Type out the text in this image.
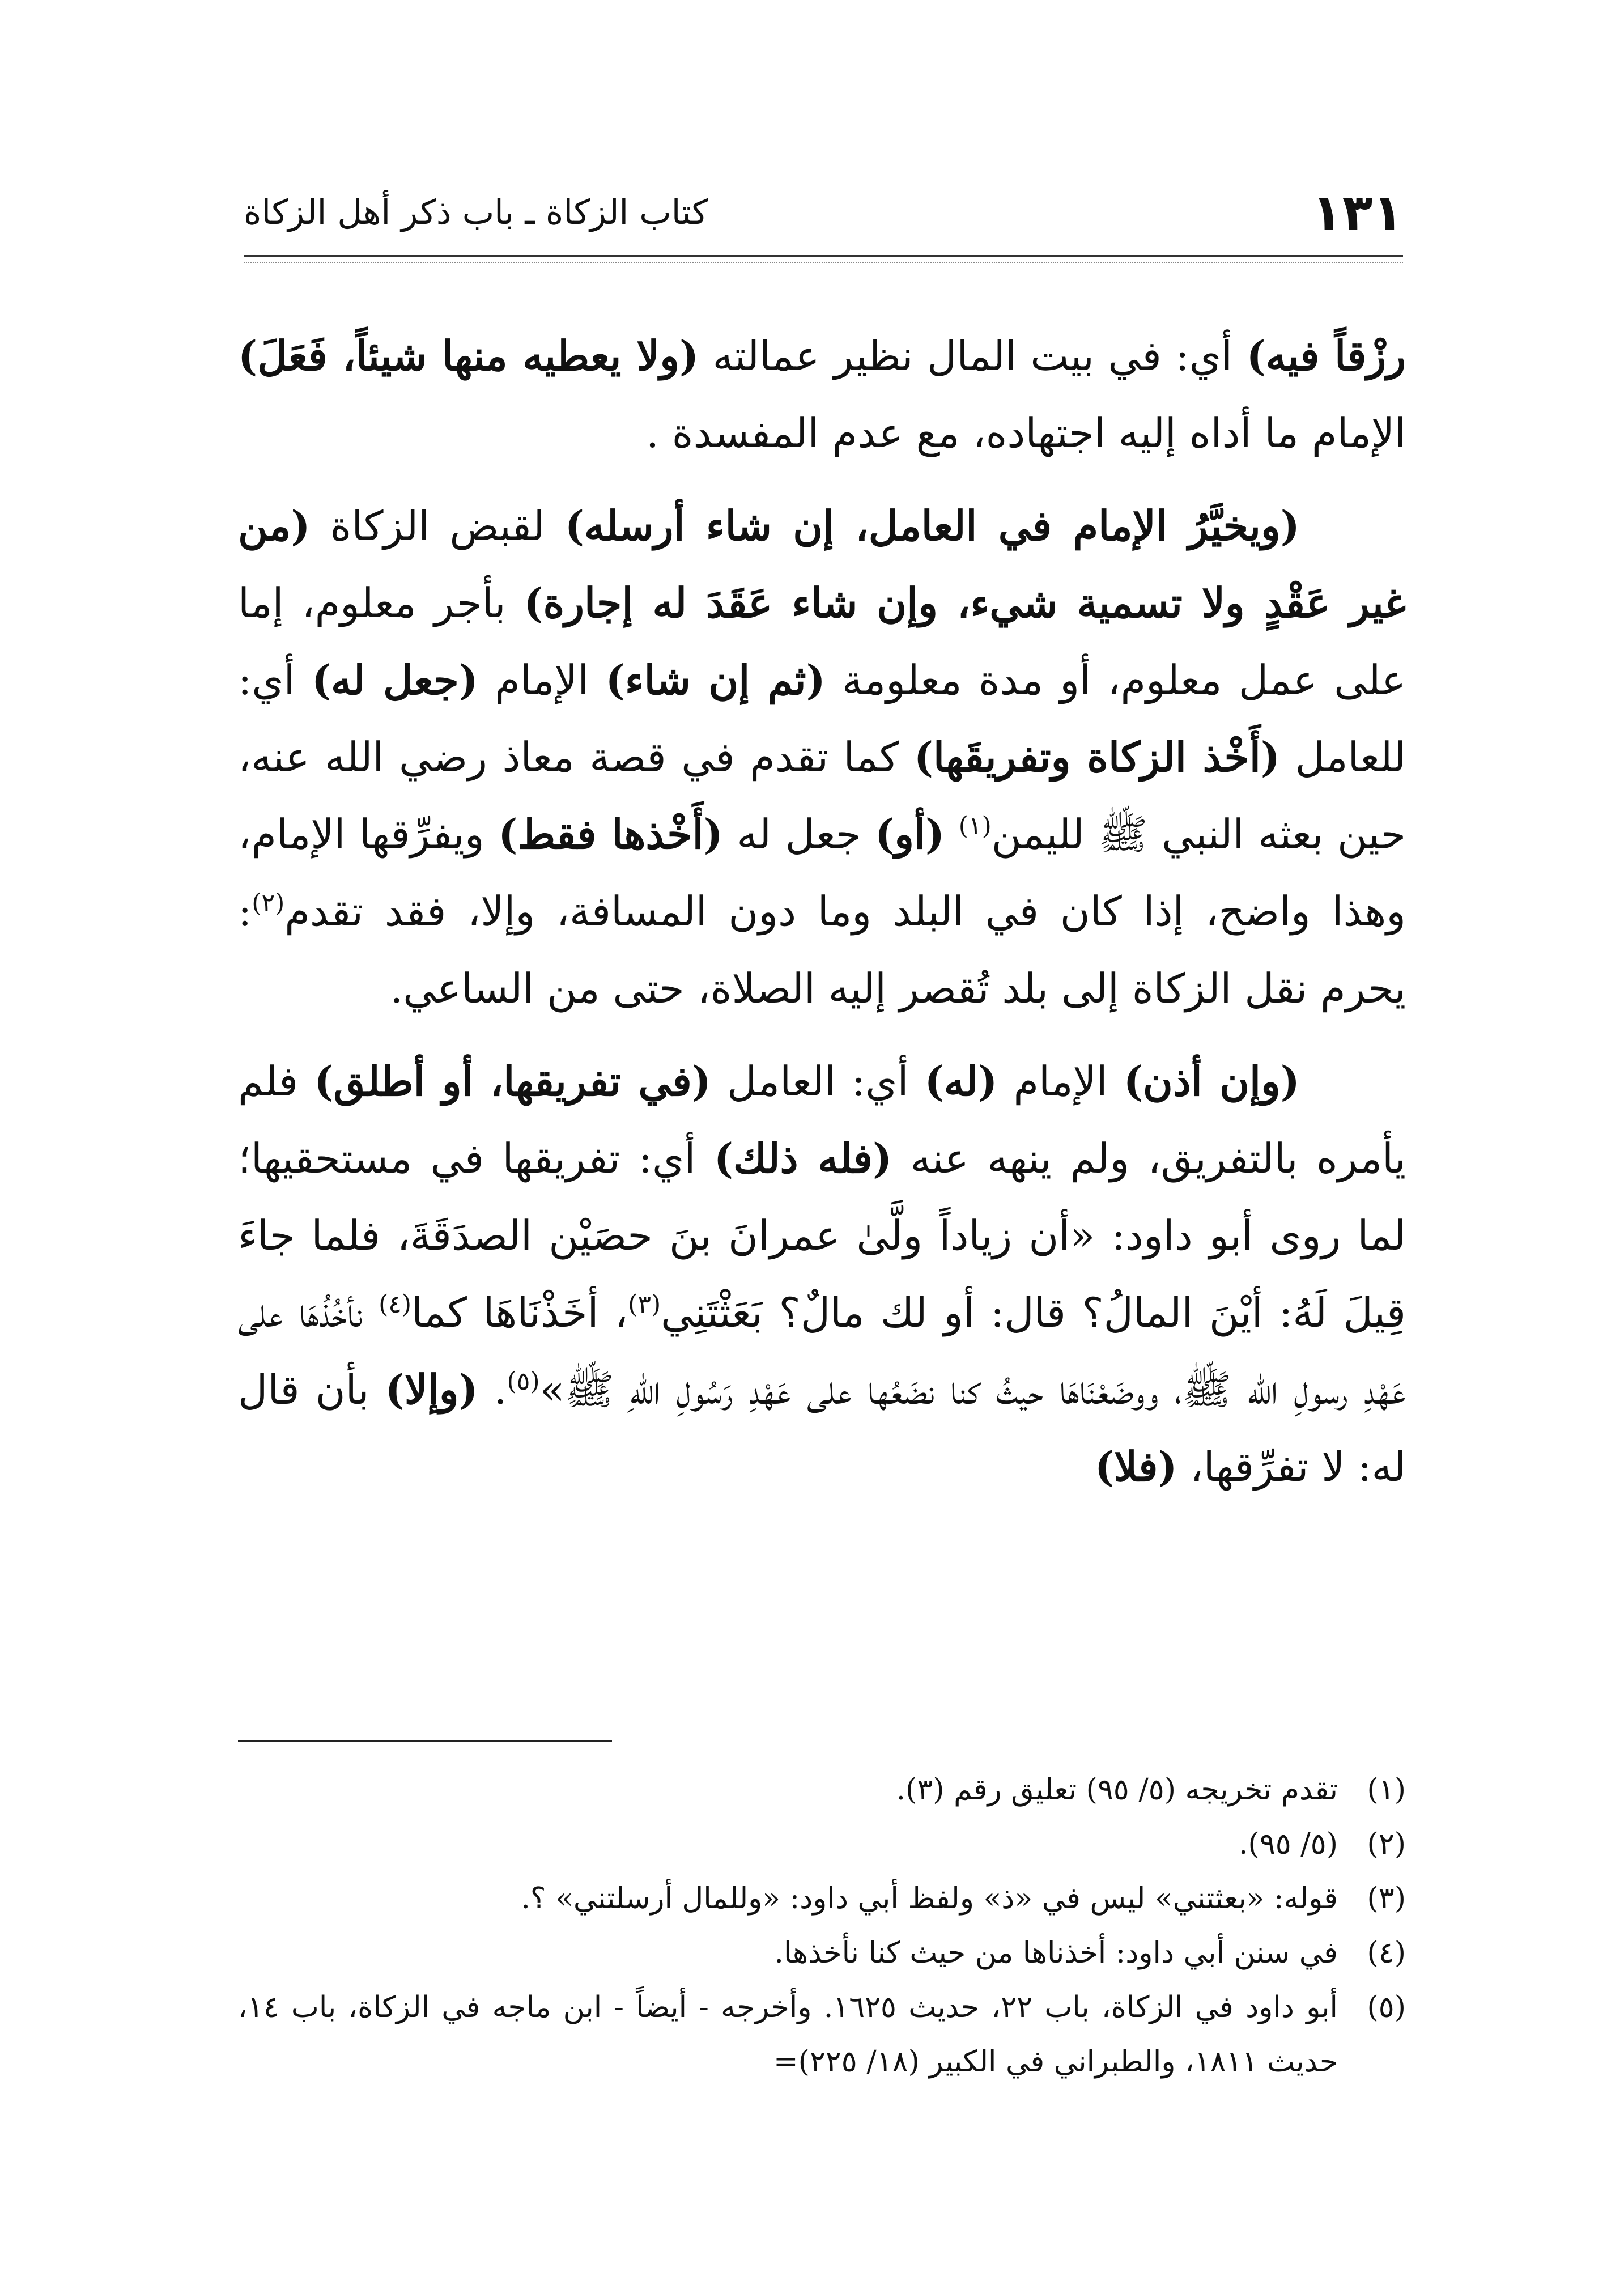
١٣١
كتاب الزكاة ـ باب ذكر أهل الزكاة

رزْقاً فيه) أي: في بيت المال نظير عمالته (ولا يعطيه منها شيئاً، فَعَلَ) الإمام ما أداه إليه اجتهاده، مع عدم المفسدة .

(ويخيَّرُ الإمام في العامل، إن شاء أرسله) لقبض الزكاة (من غير عَقْدٍ ولا تسمية شيء، وإن شاء عَقَدَ له إجارة) بأجر معلوم، إما على عمل معلوم، أو مدة معلومة (ثم إن شاء) الإمام (جعل له) أي: للعامل (أَخْذ الزكاة وتفريقَها) كما تقدم في قصة معاذ رضي الله عنه، حين بعثه النبي ﷺ لليمن$^{(١)}$ (أو) جعل له (أَخْذها فقط) ويفرِّقها الإمام، وهذا واضح، إذا كان في البلد وما دون المسافة، وإلا، فقد تقدم$^{(٢)}$: يحرم نقل الزكاة إلى بلد تُقصر إليه الصلاة، حتى من الساعي.

(وإن أذن) الإمام (له) أي: العامل (في تفريقها، أو أطلق) فلم يأمره بالتفريق، ولم ينهه عنه (فله ذلك) أي: تفريقها في مستحقيها؛ لما روى أبو داود: «أن زياداً ولَّىٰ عمرانَ بنَ حصَيْن الصدَقَةَ، فلما جاءَ قِيلَ لَهُ: أيْنَ المالُ؟ قال: أو لك مالٌ؟ بَعَثْتَنِي$^{(٣)}$، أخَذْنَاهَا كما$^{(٤)}$ نأخُذُهَا على عَهْدِ رسولِ الله ﷺ، ووضَعْنَاهَا حيثُ كنا نضَعُها على عَهْدِ رَسُولِ اللهِ ﷺ»$^{(٥)}$. (وإلا) بأن قال له: لا تفرِّقها، (فلا)

(١)
تقدم تخريجه (٥/ ٩٥) تعليق رقم (٣).
(٢)
(٥/ ٩٥).
(٣)
قوله: «بعثتني» ليس في «ذ» ولفظ أبي داود: «وللمال أرسلتني» ؟.
(٤)
في سنن أبي داود: أخذناها من حيث كنا نأخذها.
(٥)
أبو داود في الزكاة، باب ٢٢، حديث ١٦٢٥. وأخرجه - أيضاً - ابن ماجه في الزكاة، باب ١٤، حديث ١٨١١، والطبراني في الكبير (١٨/ ٢٢٥)=
